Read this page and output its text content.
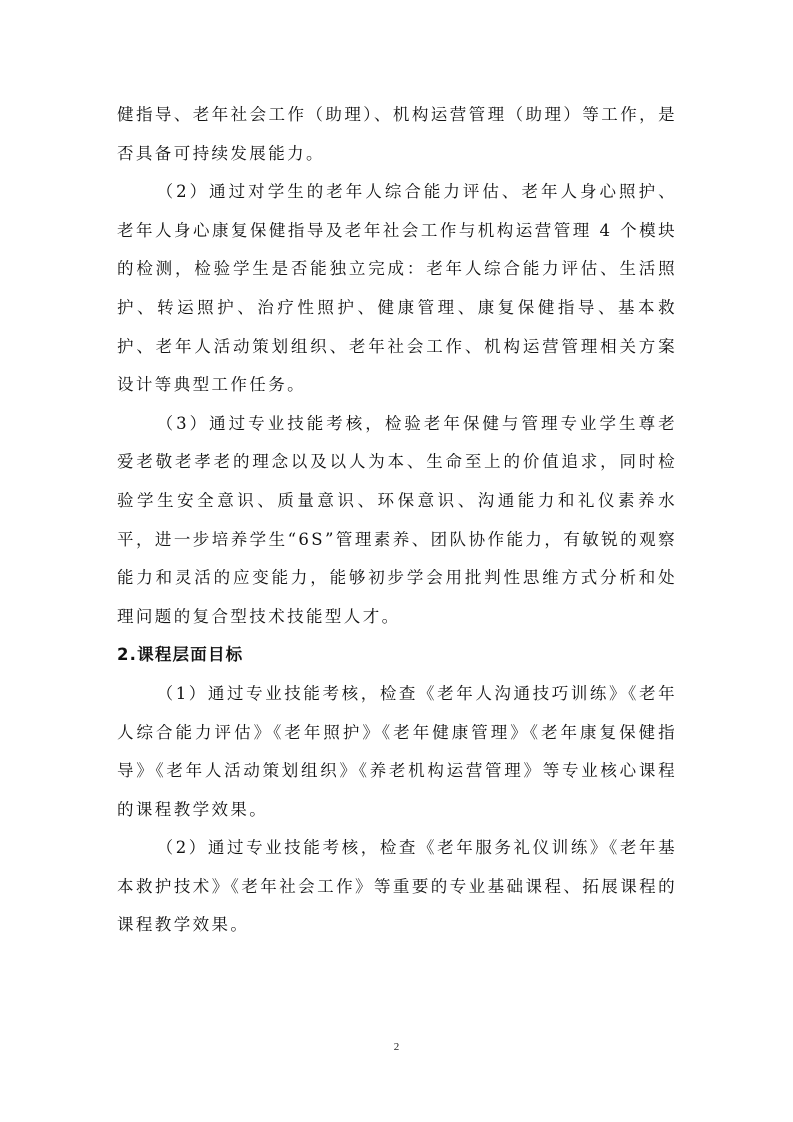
健指导、老年社会工作（助理）、机构运营管理（助理）等工作，是否具备可持续发展能力。

（2）通过对学生的老年人综合能力评估、老年人身心照护、老年人身心康复保健指导及老年社会工作与机构运营管理 4 个模块的检测，检验学生是否能独立完成：老年人综合能力评估、生活照护、转运照护、治疗性照护、健康管理、康复保健指导、基本救护、老年人活动策划组织、老年社会工作、机构运营管理相关方案设计等典型工作任务。

（3）通过专业技能考核，检验老年保健与管理专业学生尊老爱老敬老孝老的理念以及以人为本、生命至上的价值追求，同时检验学生安全意识、质量意识、环保意识、沟通能力和礼仪素养水平，进一步培养学生“6S”管理素养、团队协作能力，有敏锐的观察能力和灵活的应变能力，能够初步学会用批判性思维方式分析和处理问题的复合型技术技能型人才。

2.课程层面目标

（1）通过专业技能考核，检查《老年人沟通技巧训练》《老年人综合能力评估》《老年照护》《老年健康管理》《老年康复保健指导》《老年人活动策划组织》《养老机构运营管理》等专业核心课程的课程教学效果。

（2）通过专业技能考核，检查《老年服务礼仪训练》《老年基本救护技术》《老年社会工作》等重要的专业基础课程、拓展课程的课程教学效果。

2
